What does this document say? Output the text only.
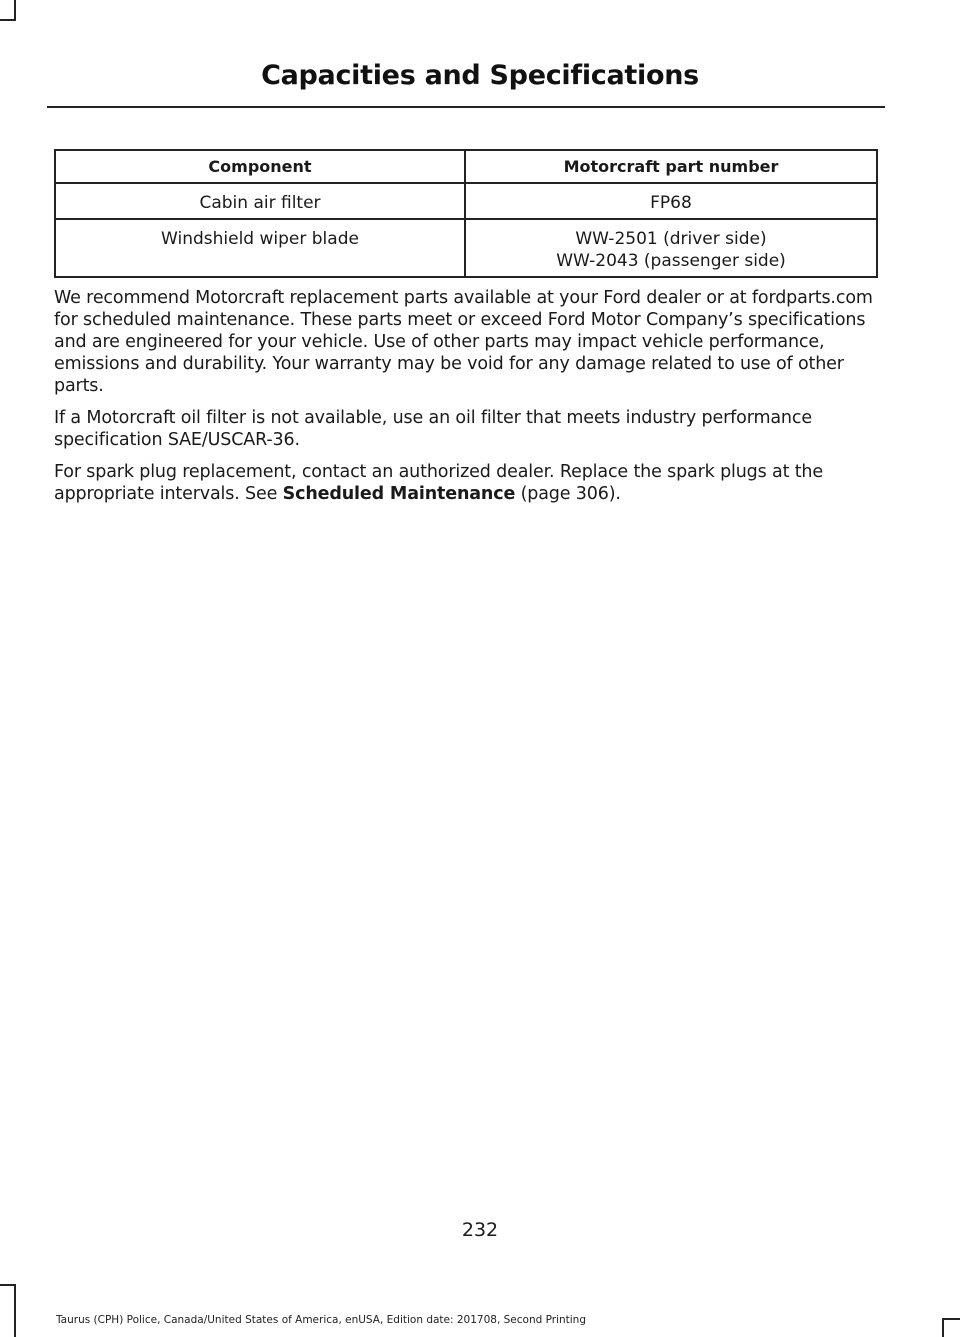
Capacities and Specifications
Component	Motorcraft part number
Cabin air filter	FP68

Windshield wiper blade	WW-2501 (driver side)
WW-2043 (passenger side)

We recommend Motorcraft replacement parts available at your Ford dealer or at fordparts.com for scheduled maintenance. These parts meet or exceed Ford Motor Company’s specifications and are engineered for your vehicle. Use of other parts may impact vehicle performance, emissions and durability. Your warranty may be void for any damage related to use of other parts.

If a Motorcraft oil filter is not available, use an oil filter that meets industry performance specification SAE/USCAR-36.

For spark plug replacement, contact an authorized dealer. Replace the spark plugs at the appropriate intervals. See Scheduled Maintenance (page 306).

232
Taurus (CPH) Police, Canada/United States of America, enUSA, Edition date: 201708, Second Printing
